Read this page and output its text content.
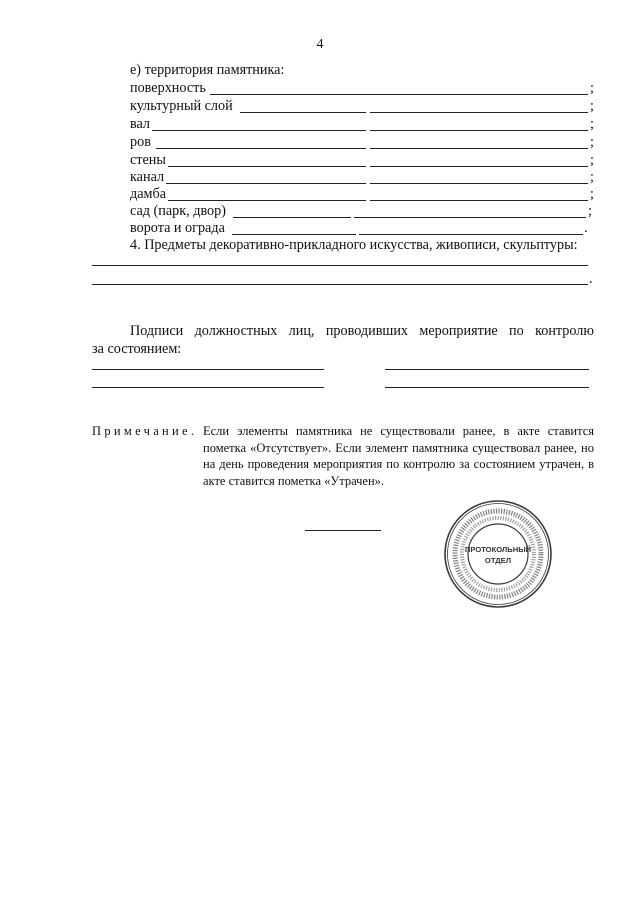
4
е) территория памятника:
поверхность	;
культурный слой	;
вал	;
ров	;
стены	;
канал	;
дамба	;
сад (парк, двор)	;
ворота и ограда	.
4. Предметы декоративно-прикладного искусства, живописи, скульптуры:
.
Подписи должностных лиц, проводивших мероприятие по контролю
за состоянием:
Примечание. Если элементы памятника не существовали ранее, в акте ставится пометка «Отсутствует». Если элемент памятника существовал ранее, но на день проведения мероприятия по контролю за состоянием утрачен, в акте ставится пометка «Утрачен».
ПРОТОКОЛЬНЫЙ
ОТДЕЛ
